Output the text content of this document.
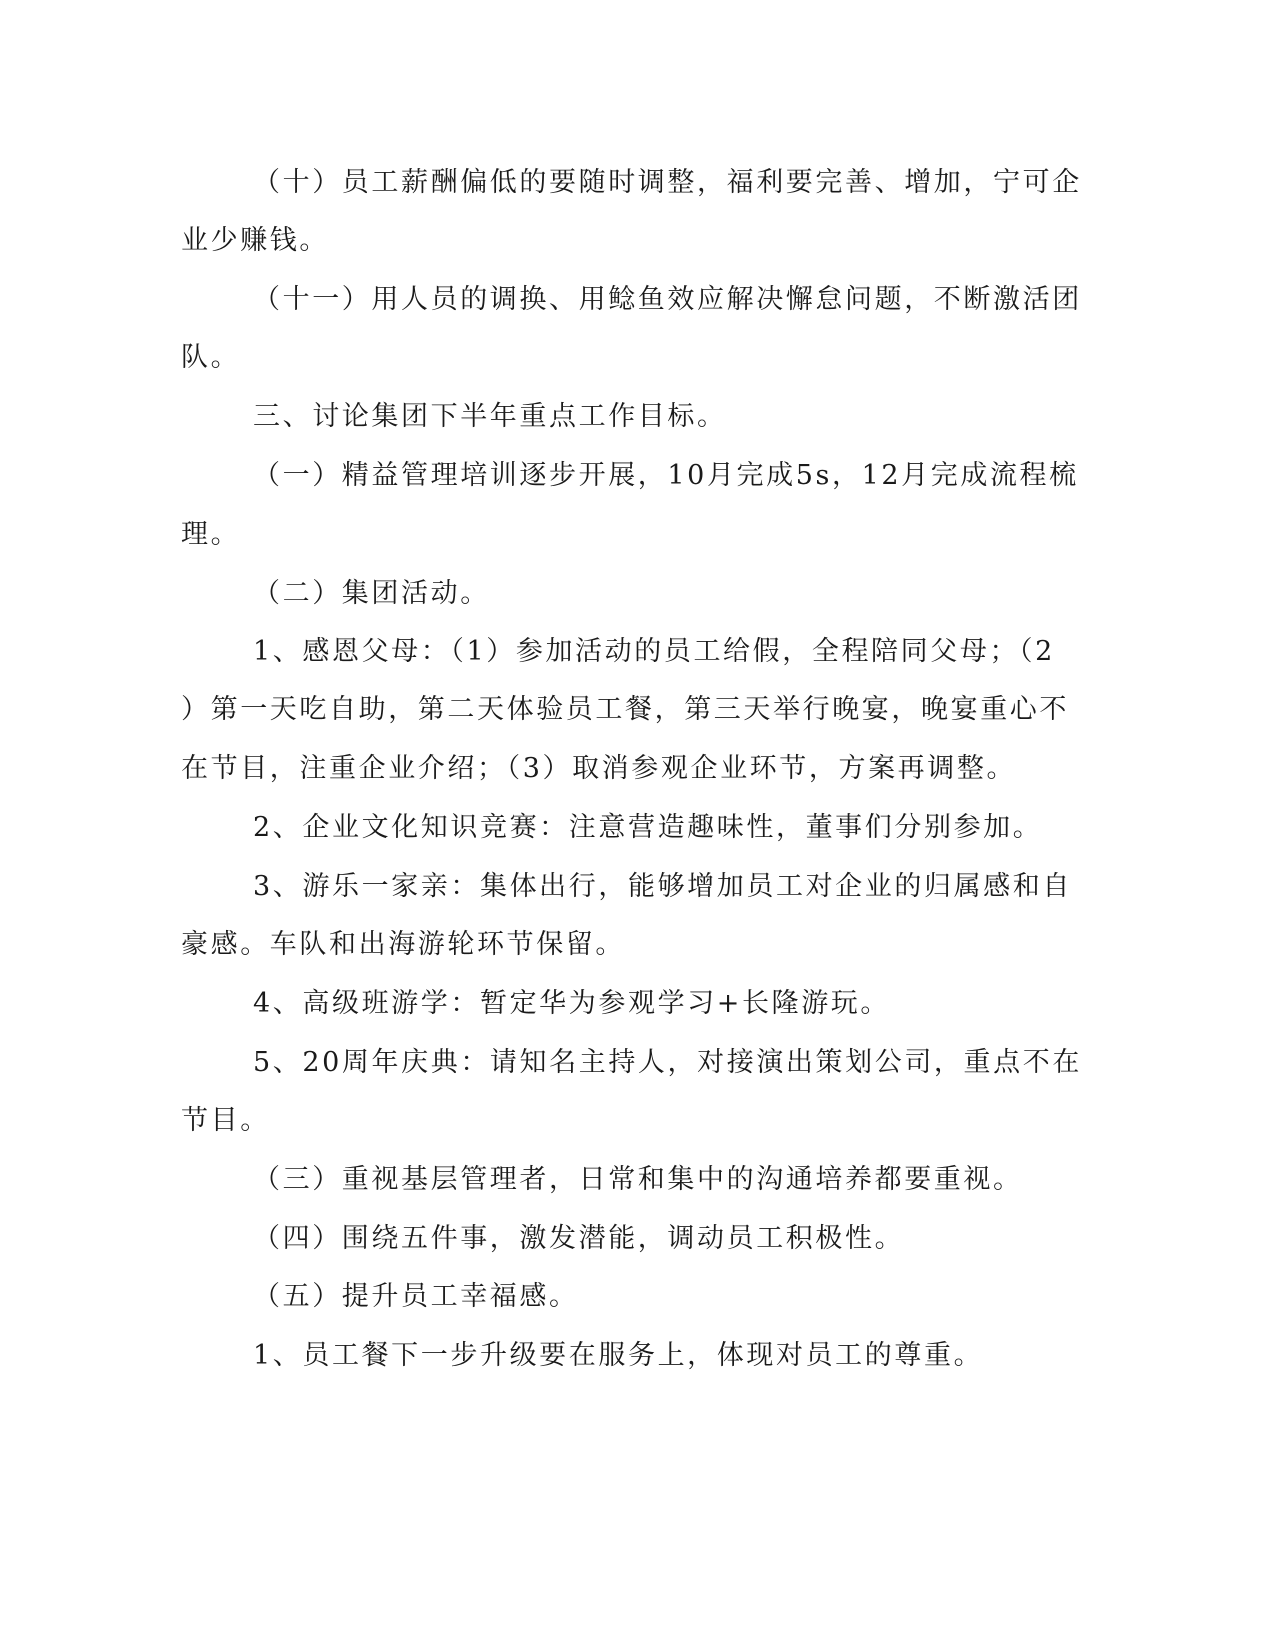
（十）员工薪酬偏低的要随时调整，福利要完善、增加，宁可企
业少赚钱。
（十一）用人员的调换、用鲶鱼效应解决懈怠问题，不断激活团
队。
三、讨论集团下半年重点工作目标。
（一）精益管理培训逐步开展，10月完成5s，12月完成流程梳
理。
（二）集团活动。
1、感恩父母：（1）参加活动的员工给假，全程陪同父母；（2
）第一天吃自助，第二天体验员工餐，第三天举行晚宴，晚宴重心不
在节目，注重企业介绍；（3）取消参观企业环节，方案再调整。
2、企业文化知识竞赛：注意营造趣味性，董事们分别参加。
3、游乐一家亲：集体出行，能够增加员工对企业的归属感和自
豪感。车队和出海游轮环节保留。
4、高级班游学：暂定华为参观学习+长隆游玩。
5、20周年庆典：请知名主持人，对接演出策划公司，重点不在
节目。
（三）重视基层管理者，日常和集中的沟通培养都要重视。
（四）围绕五件事，激发潜能，调动员工积极性。
（五）提升员工幸福感。
1、员工餐下一步升级要在服务上，体现对员工的尊重。
